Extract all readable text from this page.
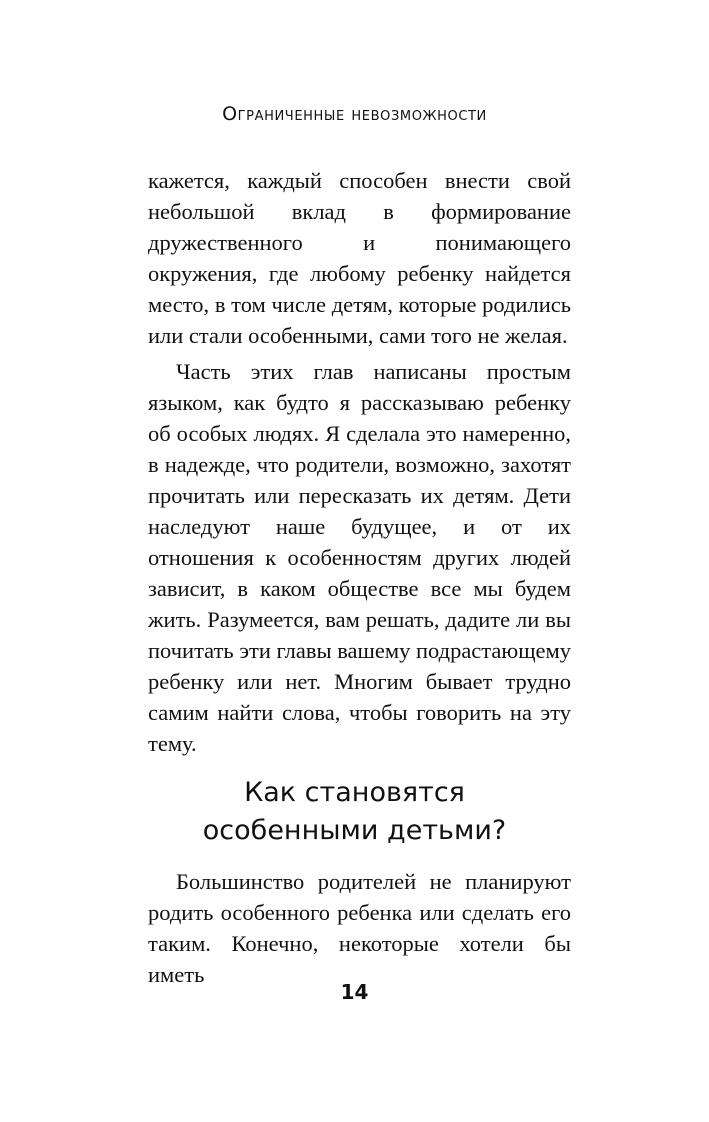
Ограниченные невозможности

кажется, каждый способен внести свой небольшой вклад в формирование дружественного и понимающего окружения, где любому ребенку найдется место, в том числе детям, которые родились или стали особенными, сами того не желая.

Часть этих глав написаны простым языком, как будто я рассказываю ребенку об особых людях. Я сделала это намеренно, в надежде, что родители, возможно, захотят прочитать или пересказать их детям. Дети наследуют наше будущее, и от их отношения к особенностям других людей зависит, в каком обществе все мы будем жить. Разумеется, вам решать, дадите ли вы почитать эти главы вашему подрастающему ребенку или нет. Многим бывает трудно самим найти слова, чтобы говорить на эту тему.

Как становятся
особенными детьми?

Большинство родителей не планируют родить особенного ребенка или сделать его таким. Конечно, некоторые хотели бы иметь

14
